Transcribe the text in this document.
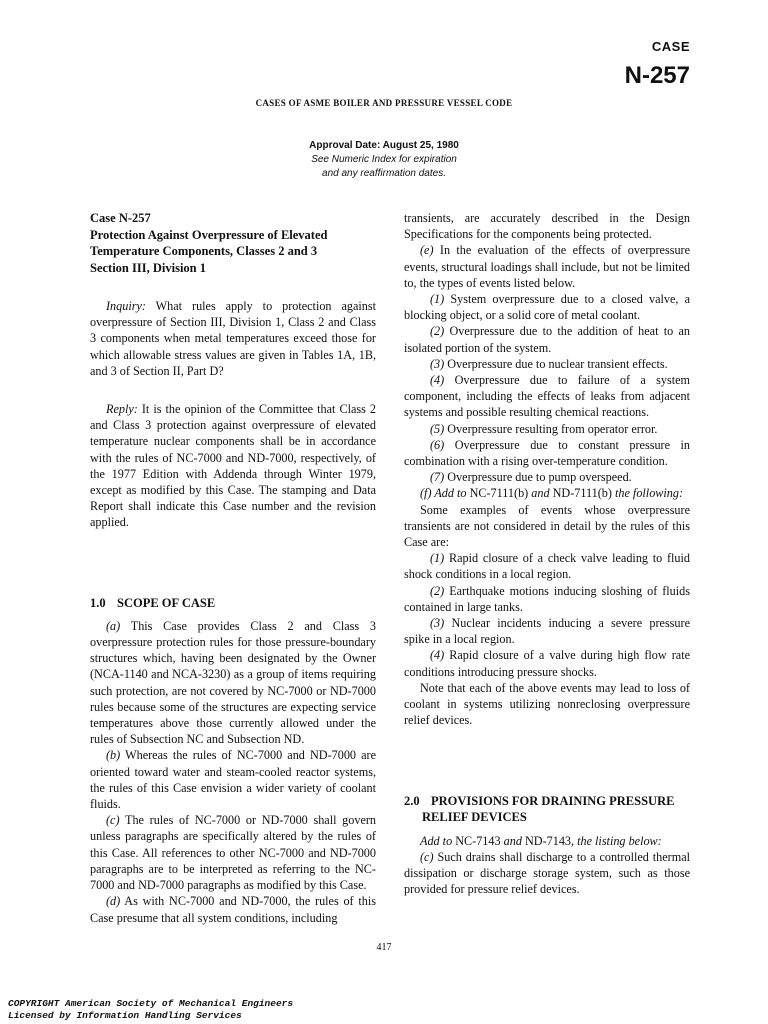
CASE
N-257
CASES OF ASME BOILER AND PRESSURE VESSEL CODE
Approval Date: August 25, 1980
See Numeric Index for expiration
and any reaffirmation dates.
Case N-257
Protection Against Overpressure of Elevated
Temperature Components, Classes 2 and 3
Section III, Division 1

Inquiry: What rules apply to protection against overpressure of Section III, Division 1, Class 2 and Class 3 components when metal temperatures exceed those for which allowable stress values are given in Tables 1A, 1B, and 3 of Section II, Part D?

Reply: It is the opinion of the Committee that Class 2 and Class 3 protection against overpressure of elevated temperature nuclear components shall be in accordance with the rules of NC-7000 and ND-7000, respectively, of the 1977 Edition with Addenda through Winter 1979, except as modified by this Case. The stamping and Data Report shall indicate this Case number and the revision applied.

1.0 SCOPE OF CASE

(a) This Case provides Class 2 and Class 3 overpressure protection rules for those pressure-boundary structures which, having been designated by the Owner (NCA-1140 and NCA-3230) as a group of items requiring such protection, are not covered by NC-7000 or ND-7000 rules because some of the structures are expecting service temperatures above those currently allowed under the rules of Subsection NC and Subsection ND.

(b) Whereas the rules of NC-7000 and ND-7000 are oriented toward water and steam-cooled reactor systems, the rules of this Case envision a wider variety of coolant fluids.

(c) The rules of NC-7000 or ND-7000 shall govern unless paragraphs are specifically altered by the rules of this Case. All references to other NC-7000 and ND-7000 paragraphs are to be interpreted as referring to the NC-7000 and ND-7000 paragraphs as modified by this Case.

(d) As with NC-7000 and ND-7000, the rules of this Case presume that all system conditions, including

transients, are accurately described in the Design Specifications for the components being protected.

(e) In the evaluation of the effects of overpressure events, structural loadings shall include, but not be limited to, the types of events listed below.

(1) System overpressure due to a closed valve, a blocking object, or a solid core of metal coolant.

(2) Overpressure due to the addition of heat to an isolated portion of the system.

(3) Overpressure due to nuclear transient effects.

(4) Overpressure due to failure of a system component, including the effects of leaks from adjacent systems and possible resulting chemical reactions.

(5) Overpressure resulting from operator error.

(6) Overpressure due to constant pressure in combination with a rising over-temperature condition.

(7) Overpressure due to pump overspeed.

(f) Add to NC-7111(b) and ND-7111(b) the following:

Some examples of events whose overpressure transients are not considered in detail by the rules of this Case are:

(1) Rapid closure of a check valve leading to fluid shock conditions in a local region.

(2) Earthquake motions inducing sloshing of fluids contained in large tanks.

(3) Nuclear incidents inducing a severe pressure spike in a local region.

(4) Rapid closure of a valve during high flow rate conditions introducing pressure shocks.

Note that each of the above events may lead to loss of coolant in systems utilizing nonreclosing overpressure relief devices.

2.0 PROVISIONS FOR DRAINING PRESSURE
RELIEF DEVICES

Add to NC-7143 and ND-7143, the listing below:

(c) Such drains shall discharge to a controlled thermal dissipation or discharge storage system, such as those provided for pressure relief devices.

417
COPYRIGHT American Society of Mechanical Engineers
Licensed by Information Handling Services
